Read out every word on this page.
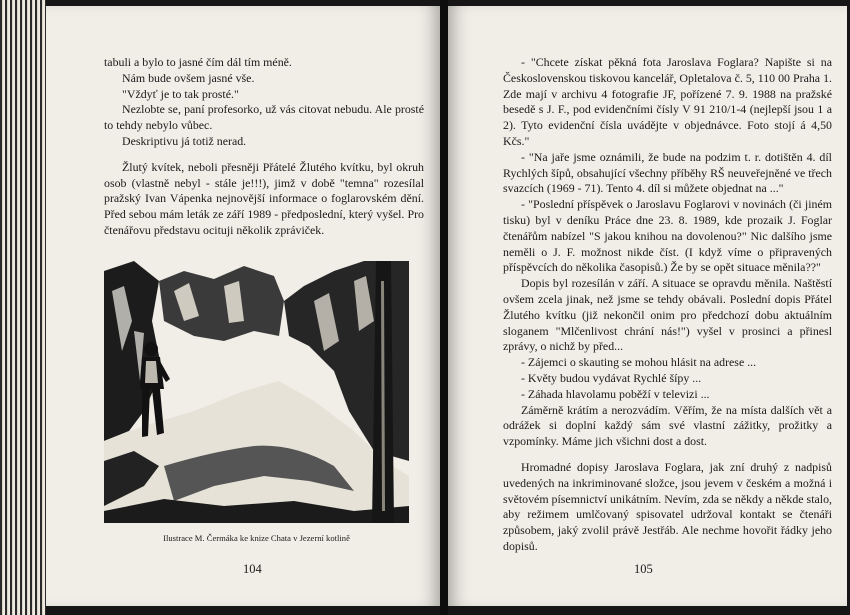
tabuli a bylo to jasné čím dál tím méně.

Nám bude ovšem jasné vše.

"Vždyť je to tak prosté."

Nezlobte se, paní profesorko, už vás citovat nebudu. Ale prosté to tehdy nebylo vůbec.

Deskriptivu já totiž nerad.

Žlutý kvítek, neboli přesněji Přátelé Žlutého kvítku, byl okruh osob (vlastně nebyl - stále je!!!), jimž v době "temna" rozesílal pražský Ivan Vápenka nejnovější informace o foglarovském dění. Před sebou mám leták ze září 1989 - předposlední, který vyšel. Pro čtenářovu představu ocituji několik zpráviček.

Ilustrace M. Čermáka ke knize Chata v Jezerní kotlině
104

- "Chcete získat pěkná fota Jaroslava Foglara? Napište si na Československou tiskovou kancelář, Opletalova č. 5, 110 00 Praha 1. Zde mají v archivu 4 fotografie JF, pořízené 7. 9. 1988 na pražské besedě s J. F., pod evidenčními čísly V 91 210/1-4 (nejlepší jsou 1 a 2). Tyto evidenční čísla uvádějte v objednávce. Foto stojí á 4,50 Kčs."

- "Na jaře jsme oznámili, že bude na podzim t. r. dotištěn 4. díl Rychlých šípů, obsahující všechny příběhy RŠ neuveřejněné ve třech svazcích (1969 - 71). Tento 4. díl si můžete objednat na ..."

- "Poslední příspěvek o Jaroslavu Foglarovi v novinách (či jiném tisku) byl v deníku Práce dne 23. 8. 1989, kde prozaik J. Foglar čtenářům nabízel "S jakou knihou na dovolenou?" Nic dalšího jsme neměli o J. F. možnost nikde číst. (I když víme o připravených příspěvcích do několika časopisů.) Že by se opět situace měnila??"

Dopis byl rozesílán v září. A situace se opravdu měnila. Naštěstí ovšem zcela jinak, než jsme se tehdy obávali. Poslední dopis Přátel Žlutého kvítku (již nekončil onim pro předchozí dobu aktuálním sloganem "Mlčenlivost chrání nás!") vyšel v prosinci a přinesl zprávy, o nichž by před...

- Zájemci o skauting se mohou hlásit na adrese ...

- Květy budou vydávat Rychlé šípy ...

- Záhada hlavolamu poběží v televizi ...

Záměrně krátím a nerozvádím. Věřím, že na místa dalších vět a odrážek si doplní každý sám své vlastní zážitky, prožitky a vzpomínky. Máme jich všichni dost a dost.

Hromadné dopisy Jaroslava Foglara, jak zní druhý z nadpisů uvedených na inkriminované složce, jsou jevem v českém a možná i světovém písemnictví unikátním. Nevím, zda se někdy a někde stalo, aby režimem umlčovaný spisovatel udržoval kontakt se čtenáři způsobem, jaký zvolil právě Jestřáb. Ale nechme hovořit řádky jeho dopisů.

105
